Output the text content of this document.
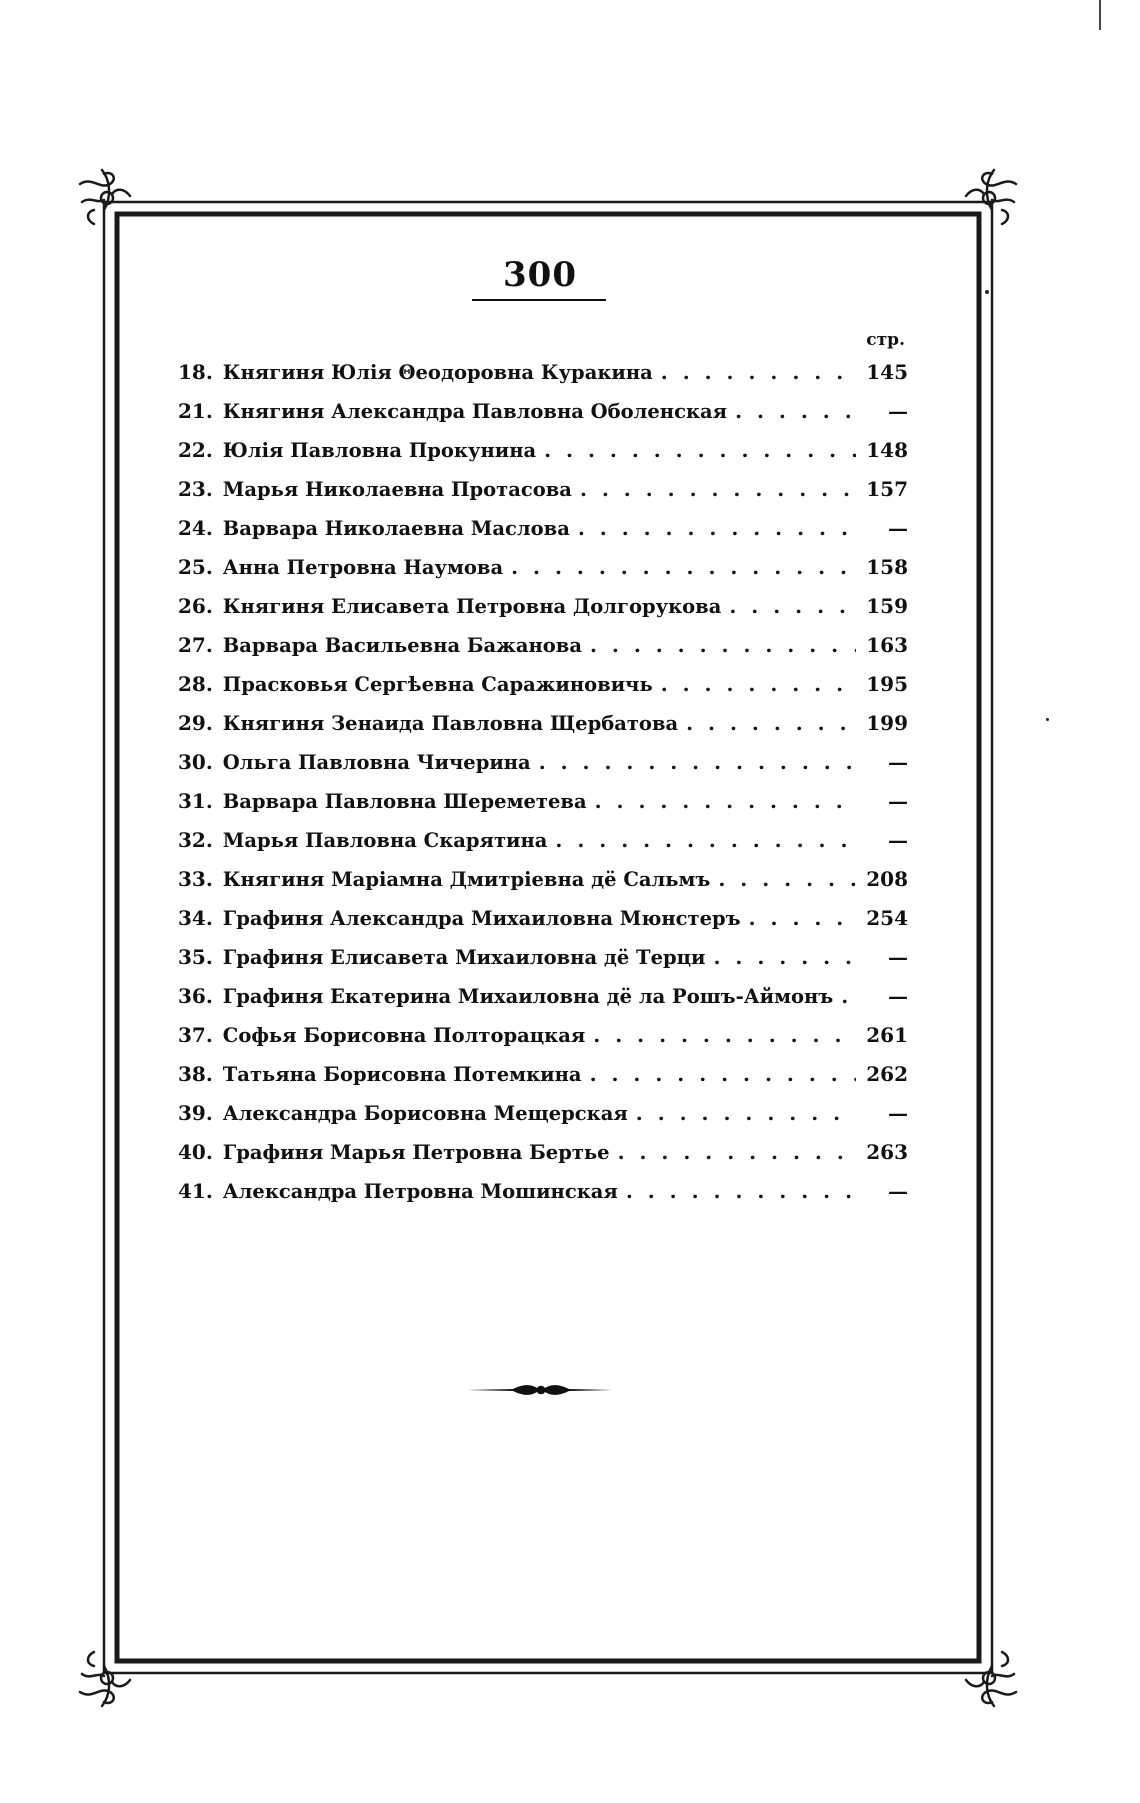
300
стр.
18. Княгиня Юлія Θеодоровна Куракина . . .	145
21. Княгиня Александра Павловна Оболенская . . .	—
22. Юлія Павловна Прокунина . . .	148
23. Марья Николаевна Протасова . . .	157
24. Варвара Николаевна Маслова . . .	—
25. Анна Петровна Наумова . . .	158
26. Княгиня Елисавета Петровна Долгорукова . . .	159
27. Варвара Васильевна Бажанова . . .	163
28. Прасковья Сергѣевна Саражиновичь . . .	195
29. Княгиня Зенаида Павловна Щербатова . . .	199
30. Ольга Павловна Чичерина . . .	—
31. Варвара Павловна Шереметева . . .	—
32. Марья Павловна Скарятина . . .	—
33. Княгиня Маріамна Дмитріевна дё Сальмъ . . .	208
34. Графиня Александра Михаиловна Мюнстеръ . . .	254
35. Графиня Елисавета Михаиловна дё Терци . . .	—
36. Графиня Екатерина Михаиловна дё ла Рошъ-Аймонъ . . .	—
37. Софья Борисовна Полторацкая . . .	261
38. Татьяна Борисовна Потемкина . . .	262
39. Александра Борисовна Мещерская . . .	—
40. Графиня Марья Петровна Бертье . . .	263
41. Александра Петровна Мошинская . . .	—
